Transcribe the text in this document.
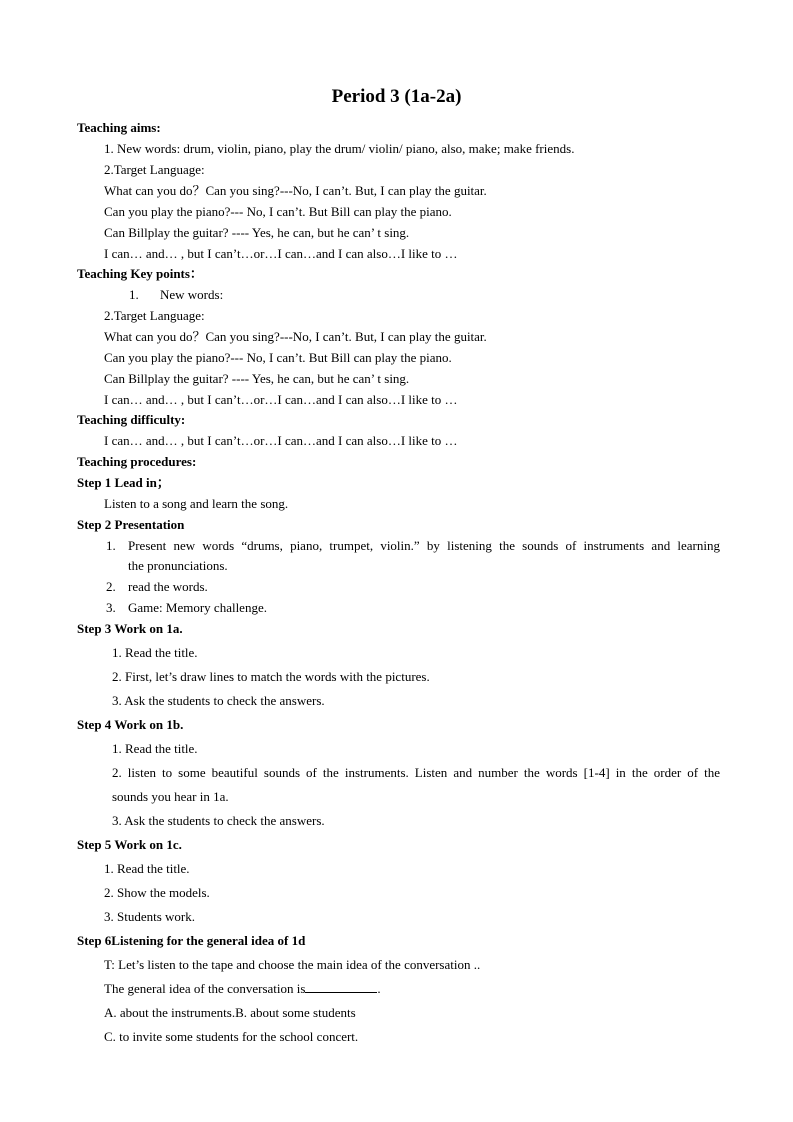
Period 3 (1a-2a)
Teaching aims:
1. New words: drum, violin, piano, play the drum/ violin/ piano, also, make; make friends.
2.Target Language:
What can you do？Can you sing?---No, I can’t. But, I can play the guitar.
Can you play the piano?--- No, I can’t. But Bill can play the piano.
Can Billplay the guitar? ---- Yes, he can, but he can’ t sing.
I can… and… , but I can’t…or…I can…and I can also…I like to …
Teaching Key points：
1. New words:
2.Target Language:
What can you do？Can you sing?---No, I can’t. But, I can play the guitar.
Can you play the piano?--- No, I can’t. But Bill can play the piano.
Can Billplay the guitar? ---- Yes, he can, but he can’ t sing.
I can… and… , but I can’t…or…I can…and I can also…I like to …
Teaching difficulty:
I can… and… , but I can’t…or…I can…and I can also…I like to …
Teaching procedures:
Step 1 Lead in；
Listen to a song and learn the song.
Step 2 Presentation
1. Present new words “drums, piano, trumpet, violin.” by listening the sounds of instruments and learning
the pronunciations.
2. read the words.
3. Game: Memory challenge.
Step 3 Work on 1a.
1. Read the title.
2. First, let’s draw lines to match the words with the pictures.
3. Ask the students to check the answers.
Step 4 Work on 1b.
1. Read the title.
2. listen to some beautiful sounds of the instruments. Listen and number the words [1-4] in the order of the
sounds you hear in 1a.
3. Ask the students to check the answers.
Step 5 Work on 1c.
1. Read the title.
2. Show the models.
3. Students work.
Step 6Listening for the general idea of 1d
T: Let’s listen to the tape and choose the main idea of the conversation ..
The general idea of the conversation is	.
A. about the instruments.B. about some students
C. to invite some students for the school concert.
